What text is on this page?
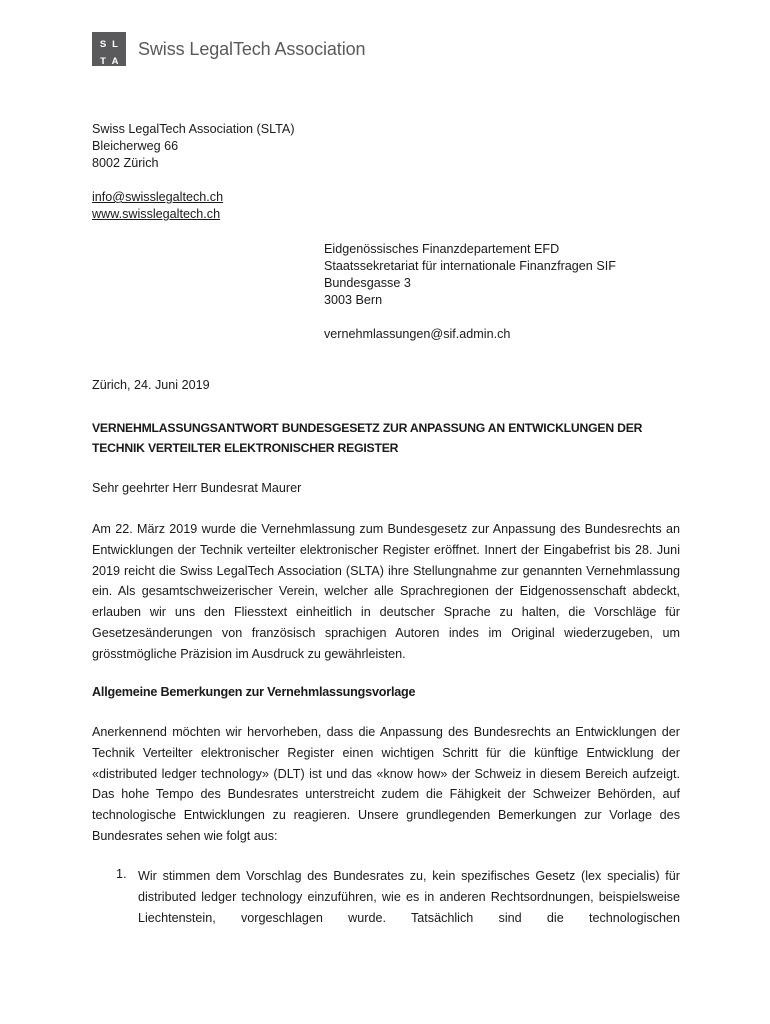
S L
T A
Swiss LegalTech Association
Swiss LegalTech Association (SLTA)
Bleicherweg 66
8002 Zürich
info@swisslegaltech.ch
www.swisslegaltech.ch
Eidgenössisches Finanzdepartement EFD
Staatssekretariat für internationale Finanzfragen SIF
Bundesgasse 3
3003 Bern
vernehmlassungen@sif.admin.ch
Zürich, 24. Juni 2019
VERNEHMLASSUNGSANTWORT BUNDESGESETZ ZUR ANPASSUNG AN ENTWICKLUNGEN DER TECHNIK VERTEILTER ELEKTRONISCHER REGISTER
Sehr geehrter Herr Bundesrat Maurer
Am 22. März 2019 wurde die Vernehmlassung zum Bundesgesetz zur Anpassung des Bundesrechts an Entwicklungen der Technik verteilter elektronischer Register eröffnet. Innert der Eingabefrist bis 28. Juni 2019 reicht die Swiss LegalTech Association (SLTA) ihre Stellungnahme zur genannten Vernehmlassung ein. Als gesamtschweizerischer Verein, welcher alle Sprachregionen der Eidgenossenschaft abdeckt, erlauben wir uns den Fliesstext einheitlich in deutscher Sprache zu halten, die Vorschläge für Gesetzesänderungen von französisch sprachigen Autoren indes im Original wiederzugeben, um grösstmögliche Präzision im Ausdruck zu gewährleisten.
Allgemeine Bemerkungen zur Vernehmlassungsvorlage
Anerkennend möchten wir hervorheben, dass die Anpassung des Bundesrechts an Entwicklungen der Technik Verteilter elektronischer Register einen wichtigen Schritt für die künftige Entwicklung der «distributed ledger technology» (DLT) ist und das «know how» der Schweiz in diesem Bereich aufzeigt. Das hohe Tempo des Bundesrates unterstreicht zudem die Fähigkeit der Schweizer Behörden, auf technologische Entwicklungen zu reagieren. Unsere grundlegenden Bemerkungen zur Vorlage des Bundesrates sehen wie folgt aus:
1. Wir stimmen dem Vorschlag des Bundesrates zu, kein spezifisches Gesetz (lex specialis) für distributed ledger technology einzuführen, wie es in anderen Rechtsordnungen, beispielsweise Liechtenstein, vorgeschlagen wurde. Tatsächlich sind die technologischen
